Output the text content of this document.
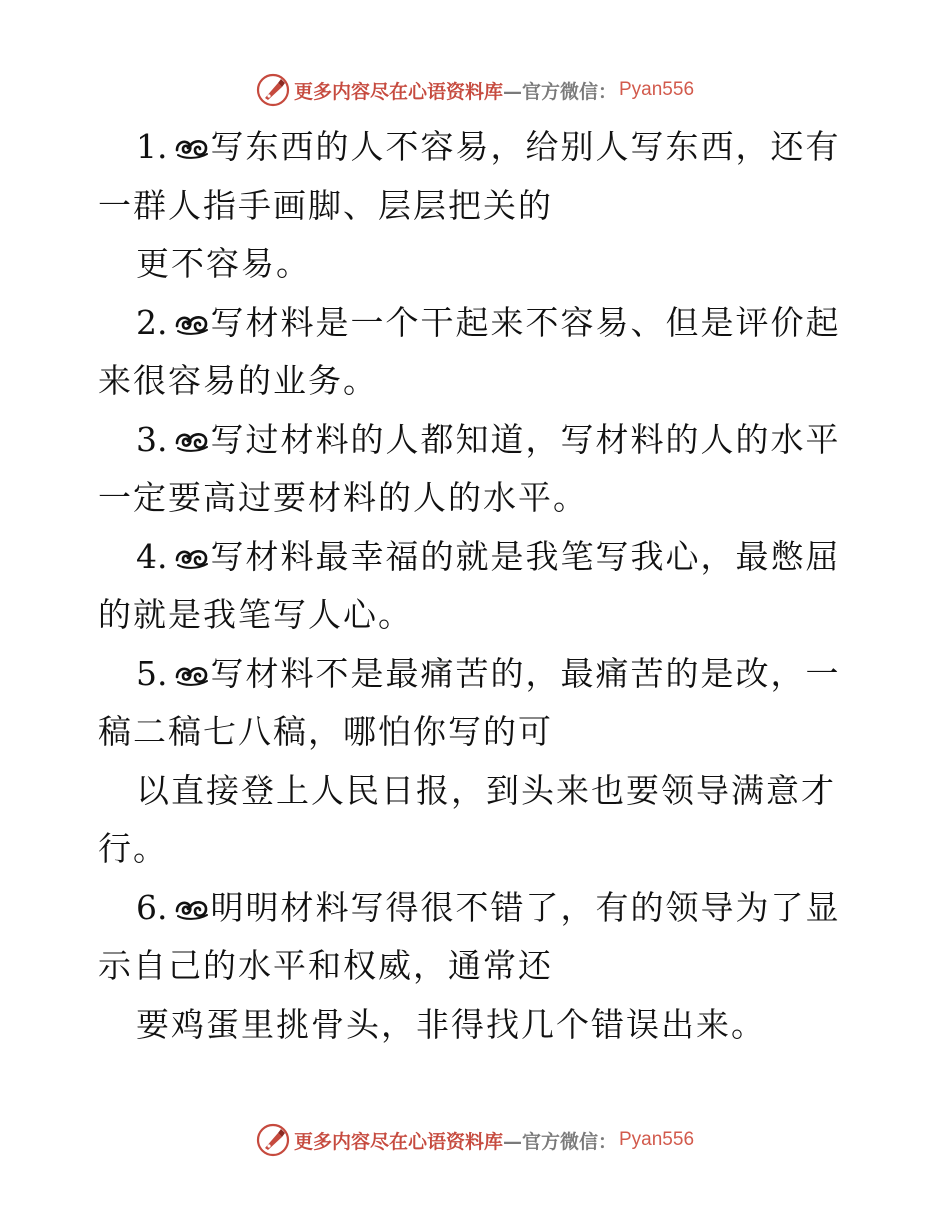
更多内容尽在心语资料库 —官方微信： Pyan556
1. 写东西的人不容易，给别人写东西，还有
一群人指手画脚、层层把关的
更不容易。
2. 写材料是一个干起来不容易、但是评价起
来很容易的业务。
3. 写过材料的人都知道，写材料的人的水平
一定要高过要材料的人的水平。
4. 写材料最幸福的就是我笔写我心，最憋屈
的就是我笔写人心。
5. 写材料不是最痛苦的，最痛苦的是改，一
稿二稿七八稿，哪怕你写的可
以直接登上人民日报，到头来也要领导满意才
行。
6. 明明材料写得很不错了，有的领导为了显
示自己的水平和权威，通常还
要鸡蛋里挑骨头，非得找几个错误出来。
更多内容尽在心语资料库 —官方微信： Pyan556
